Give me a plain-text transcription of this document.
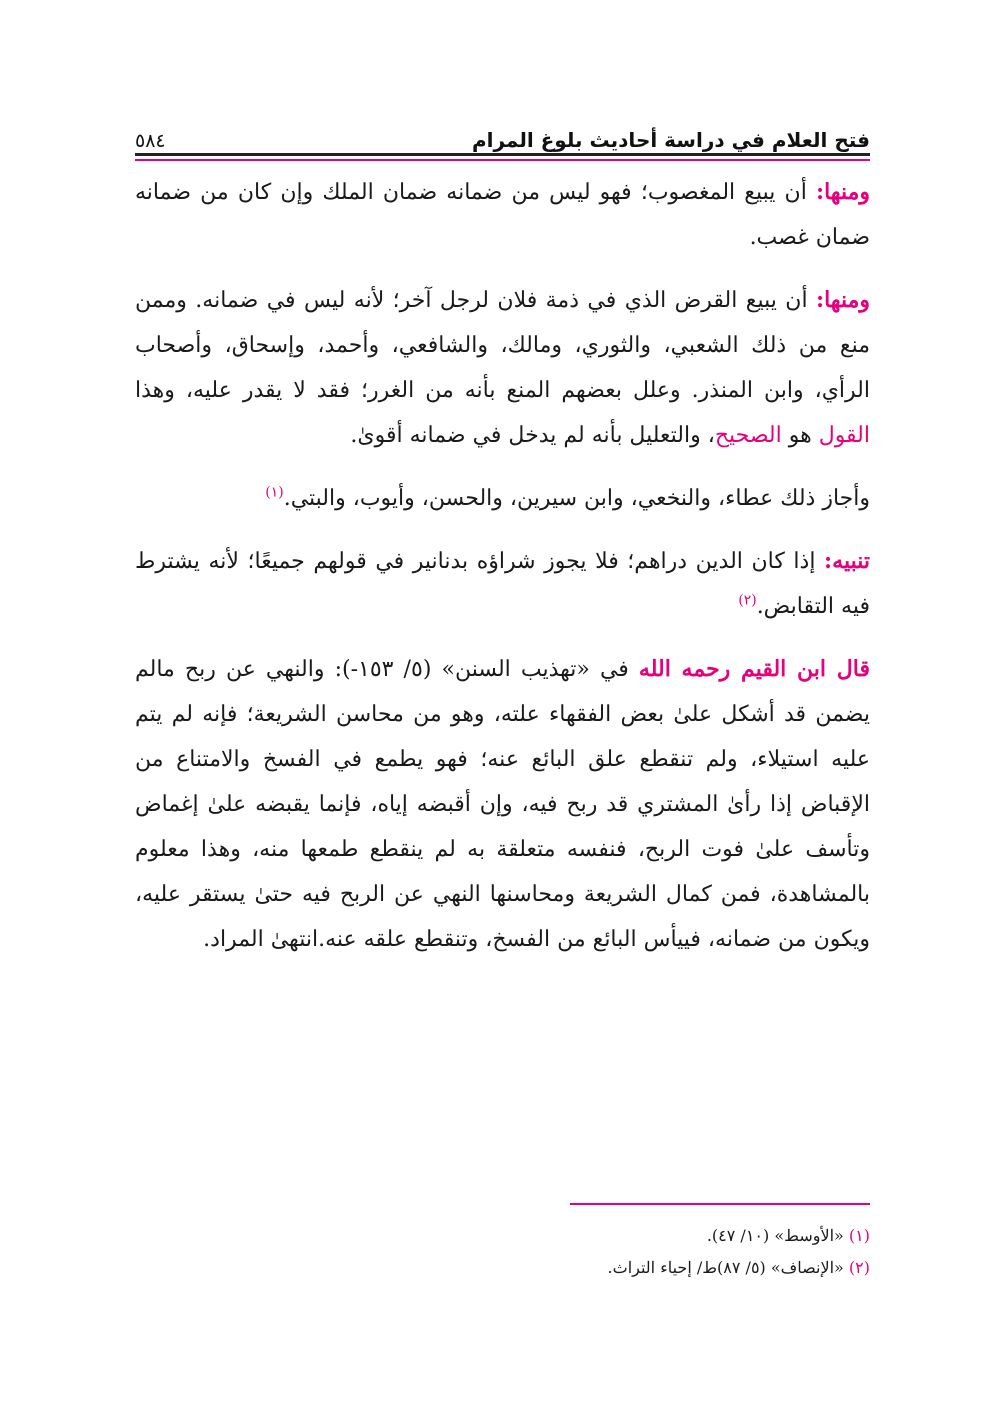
فتح العلام في دراسة أحاديث بلوغ المرام
٥٨٤

ومنها: أن يبيع المغصوب؛ فهو ليس من ضمانه ضمان الملك وإن كان من ضمانه ضمان غصب.

ومنها: أن يبيع القرض الذي في ذمة فلان لرجل آخر؛ لأنه ليس في ضمانه. وممن منع من ذلك الشعبي، والثوري، ومالك، والشافعي، وأحمد، وإسحاق، وأصحاب الرأي، وابن المنذر. وعلل بعضهم المنع بأنه من الغرر؛ فقد لا يقدر عليه، وهذا القول هو الصحيح، والتعليل بأنه لم يدخل في ضمانه أقوىٰ.

وأجاز ذلك عطاء، والنخعي، وابن سيرين، والحسن، وأيوب، والبتي.$^{(١)}$

تنبيه: إذا كان الدين دراهم؛ فلا يجوز شراؤه بدنانير في قولهم جميعًا؛ لأنه يشترط فيه التقابض.$^{(٢)}$

قال ابن القيم رحمه الله في «تهذيب السنن» (٥/ ١٥٣-): والنهي عن ربح مالم يضمن قد أشكل علىٰ بعض الفقهاء علته، وهو من محاسن الشريعة؛ فإنه لم يتم عليه استيلاء، ولم تنقطع علق البائع عنه؛ فهو يطمع في الفسخ والامتناع من الإقباض إذا رأىٰ المشتري قد ربح فيه، وإن أقبضه إياه، فإنما يقبضه علىٰ إغماض وتأسف علىٰ فوت الربح، فنفسه متعلقة به لم ينقطع طمعها منه، وهذا معلوم بالمشاهدة، فمن كمال الشريعة ومحاسنها النهي عن الربح فيه حتىٰ يستقر عليه، ويكون من ضمانه، فييأس البائع من الفسخ، وتنقطع علقه عنه.انتهىٰ المراد.

(١) «الأوسط» (١٠/ ٤٧).
(٢) «الإنصاف» (٥/ ٨٧)ط/ إحياء التراث.
